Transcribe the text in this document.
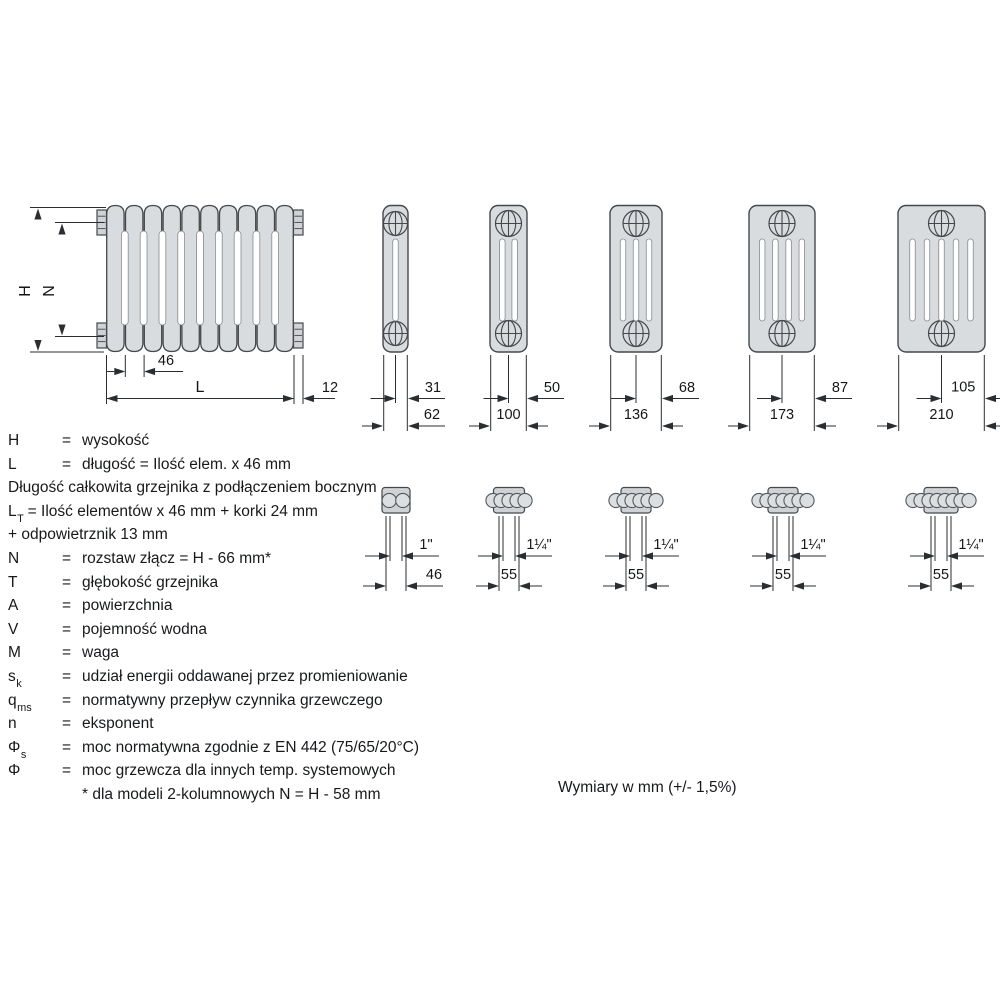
H N
46
L	12	31
62
50
100
68
136
87
173
105
210
1"
46
1¼"
55
1¼"
55
1¼"
55
1¼"
55
H	= wysokość
L	= długość = Ilość elem. x 46 mm
Długość całkowita grzejnika z podłączeniem bocznym
$L_T$ = Ilość elementów x 46 mm + korki 24 mm
+ odpowietrznik 13 mm
N	= rozstaw złącz = H - 66 mm*
T	= głębokość grzejnika
A	= powierzchnia
V	= pojemność wodna
M	= waga
$s_k$	= udział energii oddawanej przez promieniowanie
$q_{ms}$ = normatywny przepływ czynnika grzewczego
n	= eksponent
$\Phi_s$ = moc normatywna zgodnie z EN 442 (75/65/20°C)
Φ	= moc grzewcza dla innych temp. systemowych
* dla modeli 2-kolumnowych N = H - 58 mm	Wymiary w mm (+/- 1,5%)
